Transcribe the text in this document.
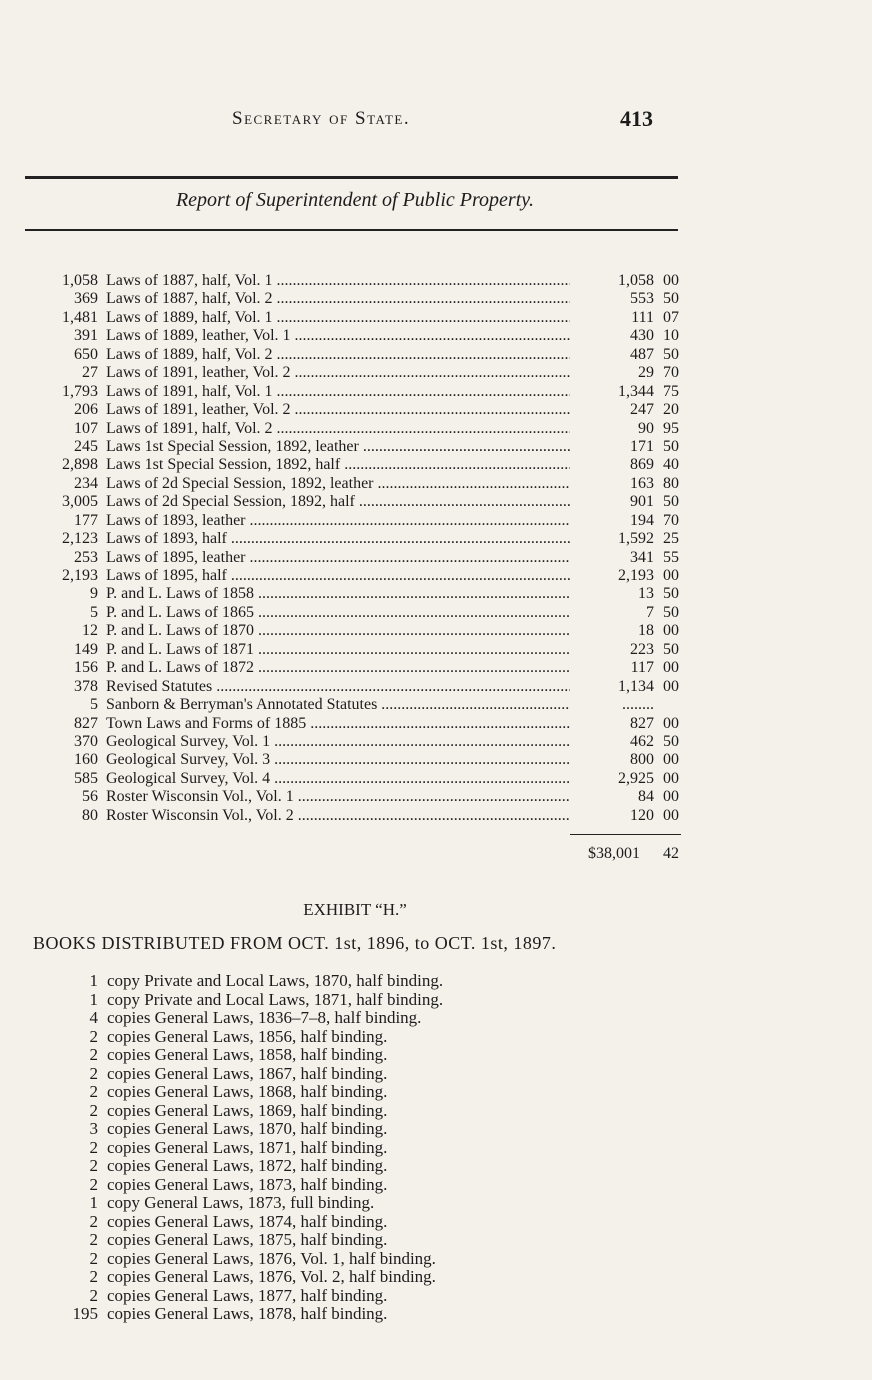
Secretary of State.	413
Report of Superintendent of Public Property.
1,058 Laws of 1887, half, Vol. 1 .....	1,058 00
369 Laws of 1887, half, Vol. 2 .....	553 50
1,481 Laws of 1889, half, Vol. 1 .....	111 07
391 Laws of 1889, leather, Vol. 1 .....	430 10
650 Laws of 1889, half, Vol. 2 .....	487 50
27 Laws of 1891, leather, Vol. 2 .....	29 70
1,793 Laws of 1891, half, Vol. 1 .....	1,344 75
206 Laws of 1891, leather, Vol. 2 .....	247 20
107 Laws of 1891, half, Vol. 2 .....	90 95
245 Laws 1st Special Session, 1892, leather .....	171 50
2,898 Laws 1st Special Session, 1892, half .....	869 40
234 Laws of 2d Special Session, 1892, leather .....	163 80
3,005 Laws of 2d Special Session, 1892, half .....	901 50
177 Laws of 1893, leather .....	194 70
2,123 Laws of 1893, half .....	1,592 25
253 Laws of 1895, leather .....	341 55
2,193 Laws of 1895, half .....	2,193 00
9 P. and L. Laws of 1858 .....	13 50
5 P. and L. Laws of 1865 .....	7 50
12 P. and L. Laws of 1870 .....	18 00
149 P. and L. Laws of 1871 .....	223 50
156 P. and L. Laws of 1872 .....	117 00
378 Revised Statutes .....	1,134 00
5 Sanborn & Berryman's Annotated Statutes .....	........
827 Town Laws and Forms of 1885 .....	827 00
370 Geological Survey, Vol. 1 .....	462 50
160 Geological Survey, Vol. 3 .....	800 00
585 Geological Survey, Vol. 4 .....	2,925 00
56 Roster Wisconsin Vol., Vol. 1 .....	84 00
80 Roster Wisconsin Vol., Vol. 2 .....	120 00
$38,001 42
EXHIBIT “H.”
BOOKS DISTRIBUTED FROM OCT. 1st, 1896, to OCT. 1st, 1897.
1 copy Private and Local Laws, 1870, half binding.
1 copy Private and Local Laws, 1871, half binding.
4 copies General Laws, 1836–7–8, half binding.
2 copies General Laws, 1856, half binding.
2 copies General Laws, 1858, half binding.
2 copies General Laws, 1867, half binding.
2 copies General Laws, 1868, half binding.
2 copies General Laws, 1869, half binding.
3 copies General Laws, 1870, half binding.
2 copies General Laws, 1871, half binding.
2 copies General Laws, 1872, half binding.
2 copies General Laws, 1873, half binding.
1 copy General Laws, 1873, full binding.
2 copies General Laws, 1874, half binding.
2 copies General Laws, 1875, half binding.
2 copies General Laws, 1876, Vol. 1, half binding.
2 copies General Laws, 1876, Vol. 2, half binding.
2 copies General Laws, 1877, half binding.
195 copies General Laws, 1878, half binding.
